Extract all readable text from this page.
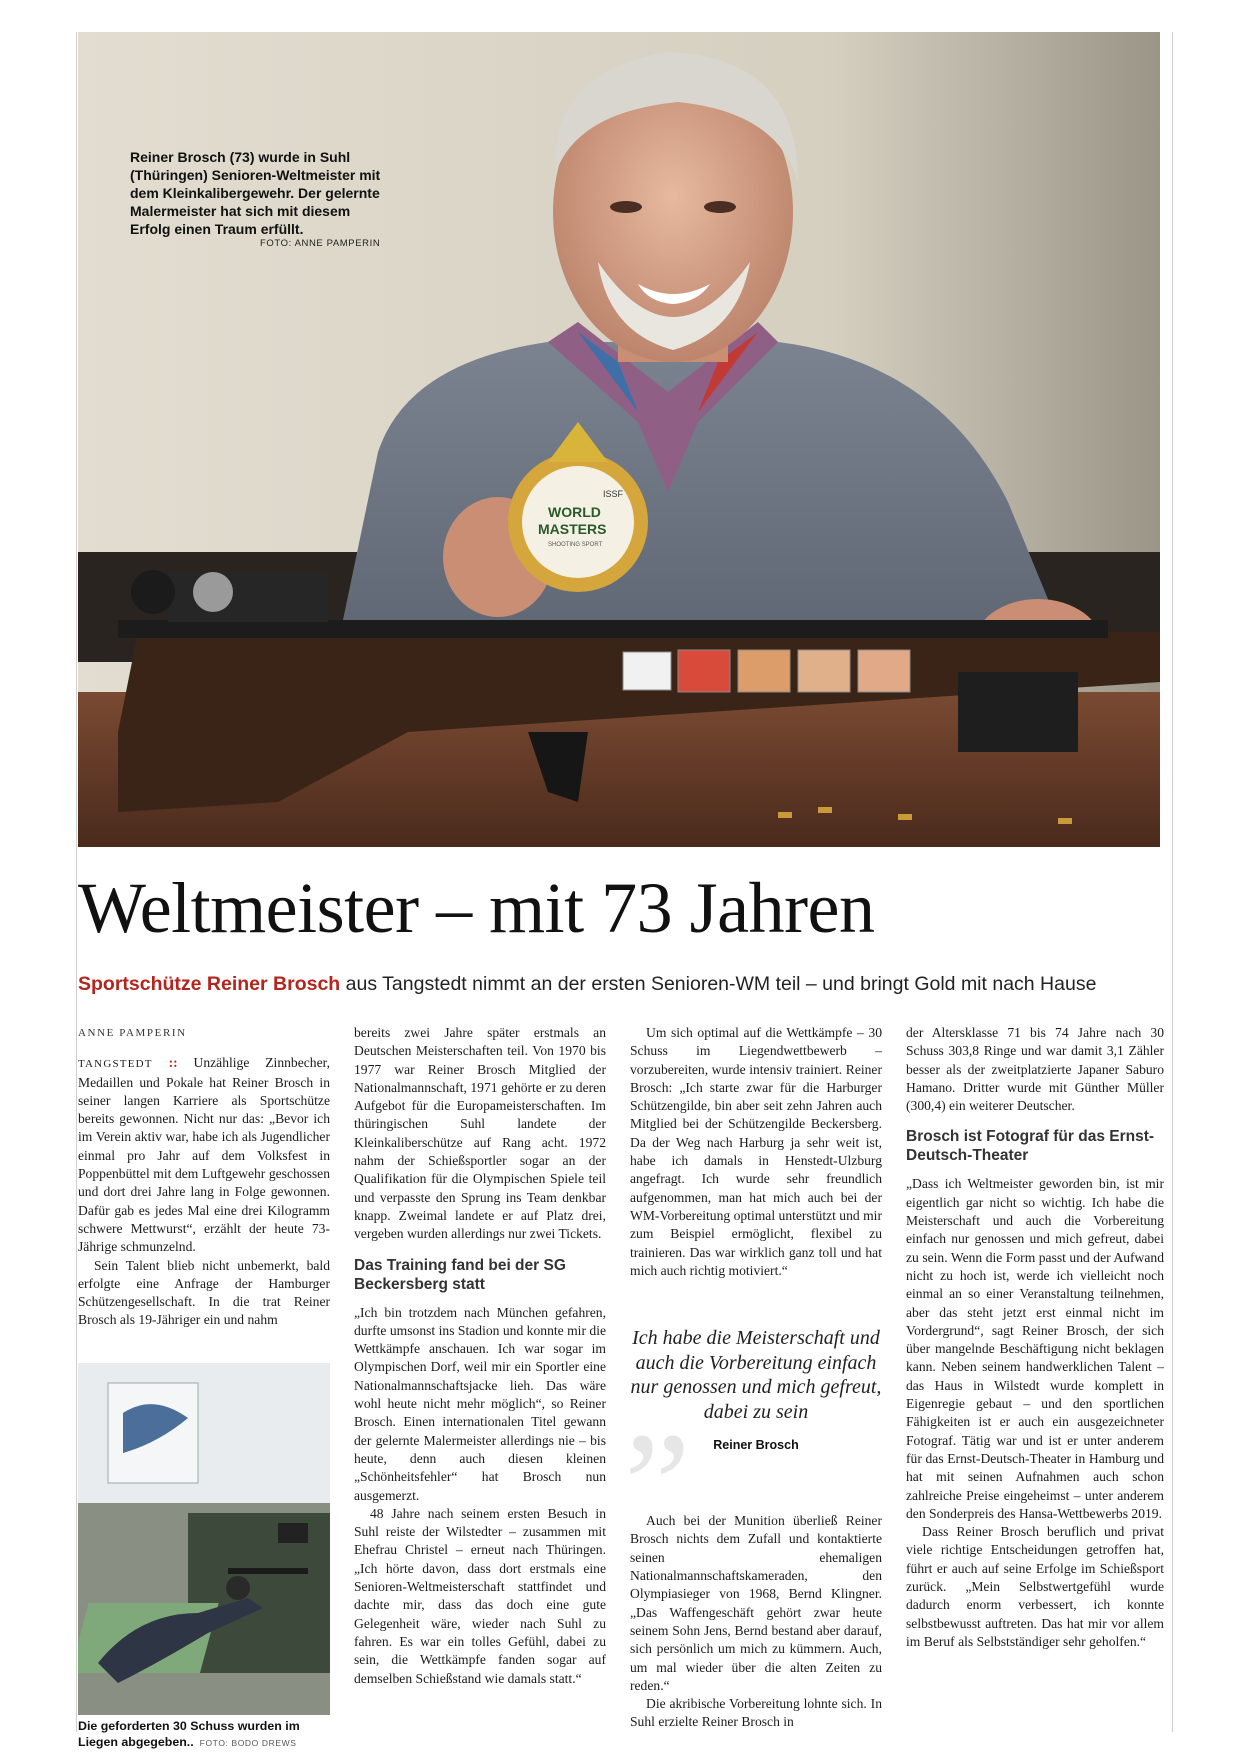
ISSF
WORLD
MASTERS
SHOOTING SPORT
Reiner Brosch (73) wurde in Suhl (Thüringen) Senioren-Weltmeister mit dem Kleinkalibergewehr. Der gelernte Malermeister hat sich mit diesem Erfolg einen Traum erfüllt.
FOTO: ANNE PAMPERIN
Weltmeister – mit 73 Jahren
Sportschütze Reiner Brosch aus Tangstedt nimmt an der ersten Senioren-WM teil – und bringt Gold mit nach Hause
ANNE PAMPERIN

TANGSTEDT :: Unzählige Zinnbecher, Medaillen und Pokale hat Reiner Brosch in seiner langen Karriere als Sportschütze bereits gewonnen. Nicht nur das: „Bevor ich im Verein aktiv war, habe ich als Jugendlicher einmal pro Jahr auf dem Volksfest in Poppenbüttel mit dem Luftgewehr geschossen und dort drei Jahre lang in Folge gewonnen. Dafür gab es jedes Mal eine drei Kilogramm schwere Mettwurst“, erzählt der heute 73-Jährige schmunzelnd.

Sein Talent blieb nicht unbemerkt, bald erfolgte eine Anfrage der Hamburger Schützengesellschaft. In die trat Reiner Brosch als 19-Jähriger ein und nahm

Die geforderten 30 Schuss wurden im Liegen abgegeben.. FOTO: BODO DREWS

bereits zwei Jahre später erstmals an Deutschen Meisterschaften teil. Von 1970 bis 1977 war Reiner Brosch Mitglied der Nationalmannschaft, 1971 gehörte er zu deren Aufgebot für die Europameisterschaften. Im thüringischen Suhl landete der Kleinkaliberschütze auf Rang acht. 1972 nahm der Schießsportler sogar an der Qualifikation für die Olympischen Spiele teil und verpasste den Sprung ins Team denkbar knapp. Zweimal landete er auf Platz drei, vergeben wurden allerdings nur zwei Tickets.

Das Training fand bei der SG Beckersberg statt

„Ich bin trotzdem nach München gefahren, durfte umsonst ins Stadion und konnte mir die Wettkämpfe anschauen. Ich war sogar im Olympischen Dorf, weil mir ein Sportler eine Nationalmannschaftsjacke lieh. Das wäre wohl heute nicht mehr möglich“, so Reiner Brosch. Einen internationalen Titel gewann der gelernte Malermeister allerdings nie – bis heute, denn auch diesen kleinen „Schönheitsfehler“ hat Brosch nun ausgemerzt.

48 Jahre nach seinem ersten Besuch in Suhl reiste der Wilstedter – zusammen mit Ehefrau Christel – erneut nach Thüringen. „Ich hörte davon, dass dort erstmals eine Senioren-Weltmeisterschaft stattfindet und dachte mir, dass das doch eine gute Gelegenheit wäre, wieder nach Suhl zu fahren. Es war ein tolles Gefühl, dabei zu sein, die Wettkämpfe fanden sogar auf demselben Schießstand wie damals statt.“

Um sich optimal auf die Wettkämpfe – 30 Schuss im Liegendwettbewerb – vorzubereiten, wurde intensiv trainiert. Reiner Brosch: „Ich starte zwar für die Harburger Schützengilde, bin aber seit zehn Jahren auch Mitglied bei der Schützengilde Beckersberg. Da der Weg nach Harburg ja sehr weit ist, habe ich damals in Henstedt-Ulzburg angefragt. Ich wurde sehr freundlich aufgenommen, man hat mich auch bei der WM-Vorbereitung optimal unterstützt und mir zum Beispiel ermöglicht, flexibel zu trainieren. Das war wirklich ganz toll und hat mich auch richtig motiviert.“

Auch bei der Munition überließ Reiner Brosch nichts dem Zufall und kontaktierte seinen ehemaligen Nationalmannschaftskameraden, den Olympiasieger von 1968, Bernd Klingner. „Das Waffengeschäft gehört zwar heute seinem Sohn Jens, Bernd bestand aber darauf, sich persönlich um mich zu kümmern. Auch, um mal wieder über die alten Zeiten zu reden.“

Die akribische Vorbereitung lohnte sich. In Suhl erzielte Reiner Brosch in

„
Ich habe die Meisterschaft und auch die Vorbereitung einfach nur genossen und mich gefreut, dabei zu sein
Reiner Brosch

der Altersklasse 71 bis 74 Jahre nach 30 Schuss 303,8 Ringe und war damit 3,1 Zähler besser als der zweitplatzierte Japaner Saburo Hamano. Dritter wurde mit Günther Müller (300,4) ein weiterer Deutscher.

Brosch ist Fotograf für das Ernst-Deutsch-Theater

„Dass ich Weltmeister geworden bin, ist mir eigentlich gar nicht so wichtig. Ich habe die Meisterschaft und auch die Vorbereitung einfach nur genossen und mich gefreut, dabei zu sein. Wenn die Form passt und der Aufwand nicht zu hoch ist, werde ich vielleicht noch einmal an so einer Veranstaltung teilnehmen, aber das steht jetzt erst einmal nicht im Vordergrund“, sagt Reiner Brosch, der sich über mangelnde Beschäftigung nicht beklagen kann. Neben seinem handwerklichen Talent – das Haus in Wilstedt wurde komplett in Eigenregie gebaut – und den sportlichen Fähigkeiten ist er auch ein ausgezeichneter Fotograf. Tätig war und ist er unter anderem für das Ernst-Deutsch-Theater in Hamburg und hat mit seinen Aufnahmen auch schon zahlreiche Preise eingeheimst – unter anderem den Sonderpreis des Hansa-Wettbewerbs 2019.

Dass Reiner Brosch beruflich und privat viele richtige Entscheidungen getroffen hat, führt er auch auf seine Erfolge im Schießsport zurück. „Mein Selbstwertgefühl wurde dadurch enorm verbessert, ich konnte selbstbewusst auftreten. Das hat mir vor allem im Beruf als Selbstständiger sehr geholfen.“
